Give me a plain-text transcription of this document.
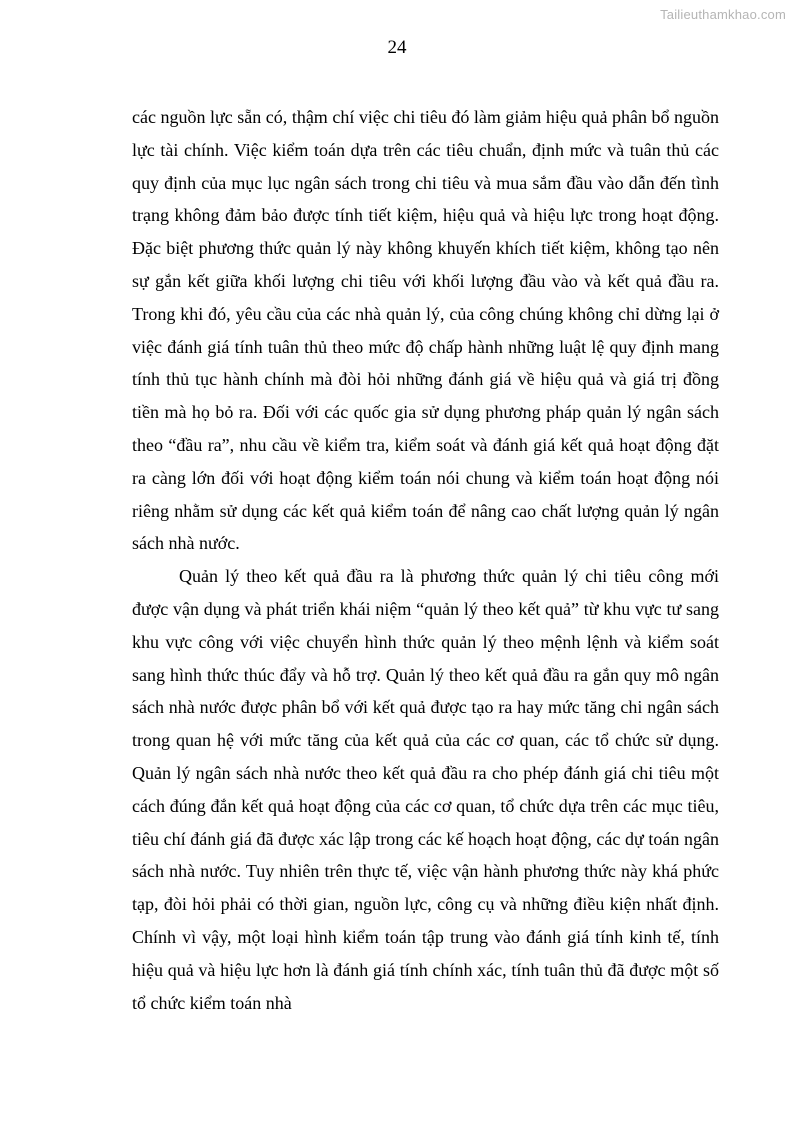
Tailieuthamkhao.com
24

các nguồn lực sẵn có, thậm chí việc chi tiêu đó làm giảm hiệu quả phân bổ nguồn lực tài chính. Việc kiểm toán dựa trên các tiêu chuẩn, định mức và tuân thủ các quy định của mục lục ngân sách trong chi tiêu và mua sắm đầu vào dẫn đến tình trạng không đảm bảo được tính tiết kiệm, hiệu quả và hiệu lực trong hoạt động. Đặc biệt phương thức quản lý này không khuyến khích tiết kiệm, không tạo nên sự gắn kết giữa khối lượng chi tiêu với khối lượng đầu vào và kết quả đầu ra. Trong khi đó, yêu cầu của các nhà quản lý, của công chúng không chỉ dừng lại ở việc đánh giá tính tuân thủ theo mức độ chấp hành những luật lệ quy định mang tính thủ tục hành chính mà đòi hỏi những đánh giá về hiệu quả và giá trị đồng tiền mà họ bỏ ra. Đối với các quốc gia sử dụng phương pháp quản lý ngân sách theo “đầu ra”, nhu cầu về kiểm tra, kiểm soát và đánh giá kết quả hoạt động đặt ra càng lớn đối với hoạt động kiểm toán nói chung và kiểm toán hoạt động nói riêng nhằm sử dụng các kết quả kiểm toán để nâng cao chất lượng quản lý ngân sách nhà nước.

Quản lý theo kết quả đầu ra là phương thức quản lý chi tiêu công mới được vận dụng và phát triển khái niệm “quản lý theo kết quả” từ khu vực tư sang khu vực công với việc chuyển hình thức quản lý theo mệnh lệnh và kiểm soát sang hình thức thúc đẩy và hỗ trợ. Quản lý theo kết quả đầu ra gắn quy mô ngân sách nhà nước được phân bổ với kết quả được tạo ra hay mức tăng chi ngân sách trong quan hệ với mức tăng của kết quả của các cơ quan, các tổ chức sử dụng. Quản lý ngân sách nhà nước theo kết quả đầu ra cho phép đánh giá chi tiêu một cách đúng đắn kết quả hoạt động của các cơ quan, tổ chức dựa trên các mục tiêu, tiêu chí đánh giá đã được xác lập trong các kế hoạch hoạt động, các dự toán ngân sách nhà nước. Tuy nhiên trên thực tế, việc vận hành phương thức này khá phức tạp, đòi hỏi phải có thời gian, nguồn lực, công cụ và những điều kiện nhất định. Chính vì vậy, một loại hình kiểm toán tập trung vào đánh giá tính kinh tế, tính hiệu quả và hiệu lực hơn là đánh giá tính chính xác, tính tuân thủ đã được một số tổ chức kiểm toán nhà
